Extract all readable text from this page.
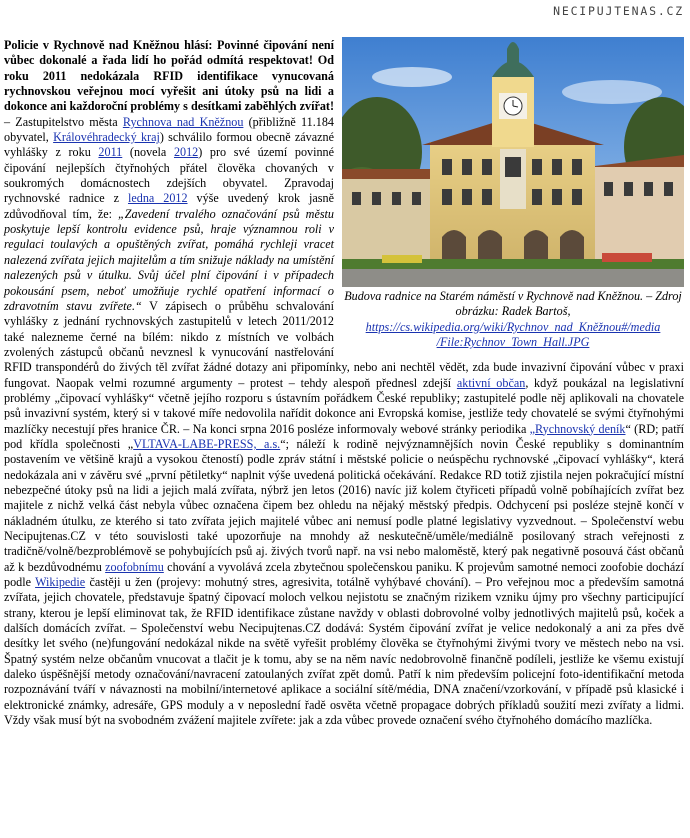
NECIPUJTENAS.CZ

Budova radnice na Starém náměstí v Rychnově nad Kněžnou. – Zdroj obrázku: Radek Bartoš, https://cs.wikipedia.org/wiki/Rychnov_nad_Kněžnou#/media
/File:Rychnov_Town_Hall.JPG

Policie v Rychnově nad Kněžnou hlásí: Povinné čipování není vůbec dokonalé a řada lidí ho pořád odmítá respektovat! Od roku 2011 nedokázala RFID identifikace vynucovaná rychnovskou veřejnou mocí vyřešit ani útoky psů na lidi a dokonce ani každoroční problémy s desítkami zaběhlých zvířat! – Zastupitelstvo města Rychnova nad Kněžnou (přibližně 11.184 obyvatel, Královéhradecký kraj) schválilo formou obecně závazné vyhlášky z roku 2011 (novela 2012) pro své území povinné čipování nejlepších čtyřnohých přátel člověka chovaných v soukromých domácnostech zdejších obyvatel. Zpravodaj rychnovské radnice z ledna 2012 výše uvedený krok jasně zdůvodňoval tím, že: „Zavedení trvalého označování psů městu poskytuje lepší kontrolu evidence psů, hraje významnou roli v regulaci toulavých a opuštěných zvířat, pomáhá rychleji vracet nalezená zvířata jejich majitelům a tím snižuje náklady na umístění nalezených psů v útulku. Svůj účel plní čipování i v případech pokousání psem, neboť umožňuje rychlé opatření informací o zdravotním stavu zvířete.“ V zápisech o průběhu schvalování vyhlášky z jednání rychnovských zastupitelů v letech 2011/2012 také nalezneme černé na bílém: nikdo z místních ve volbách zvolených zástupců občanů nevznesl k vynucování nastřelování RFID transpondérů do živých těl zvířat žádné dotazy ani připomínky, nebo ani nechtěl vědět, zda bude invazivní čipování vůbec v praxi fungovat. Naopak velmi rozumné argumenty – protest – tehdy alespoň přednesl zdejší aktivní občan, když poukázal na legislativní problémy „čipovací vyhlášky“ včetně jejího rozporu s ústavním pořádkem České republiky; zastupitelé podle něj aplikovali na chovatele psů invazivní systém, který si v takové míře nedovolila nařídit dokonce ani Evropská komise, jestliže tedy chovatelé se svými čtyřnohými mazlíčky necestují přes hranice ČR. – Na konci srpna 2016 posléze informovaly webové stránky periodika „Rychnovský deník“ (RD; patří pod křídla společnosti „VLTAVA-LABE-PRESS, a.s.“; náleží k rodině nejvýznamnějších novin České republiky s dominantním postavením ve většině krajů a vysokou čteností) podle zpráv státní i městské policie o neúspěchu rychnovské „čipovací vyhlášky“, která nedokázala ani v závěru své „první pětiletky“ naplnit výše uvedená politická očekávání. Redakce RD totiž zjistila nejen pokračující místní nebezpečné útoky psů na lidi a jejich malá zvířata, nýbrž jen letos (2016) navíc již kolem čtyřiceti případů volně pobíhajících zvířat bez majitele z nichž velká část nebyla vůbec označena čipem bez ohledu na nějaký městský předpis. Odchycení psi posléze stejně končí v nákladném útulku, ze kterého si tato zvířata jejich majitelé vůbec ani nemusí podle platné legislativy vyzvednout. – Společenství webu Necipujtenas.CZ v této souvislosti také upozorňuje na mnohdy až neskutečně/uměle/mediálně posilovaný strach veřejnosti z tradičně/volně/bezproblémově se pohybujících psů aj. živých tvorů např. na vsi nebo maloměstě, který pak negativně posouvá část občanů až k bezdůvodnému zoofobnímu chování a vyvolává zcela zbytečnou společenskou paniku. K projevům samotné nemoci zoofobie dochází podle Wikipedie častěji u žen (projevy: mohutný stres, agresivita, totálně vyhýbavé chování). – Pro veřejnou moc a především samotná zvířata, jejich chovatele, představuje špatný čipovací moloch velkou nejistotu se značným rizikem vzniku újmy pro všechny participující strany, kterou je lepší eliminovat tak, že RFID identifikace zůstane navždy v oblasti dobrovolné volby jednotlivých majitelů psů, koček a dalších domácích zvířat. – Společenství webu Necipujtenas.CZ dodává: Systém čipování zvířat je velice nedokonalý a ani za přes dvě desítky let svého (ne)fungování nedokázal nikde na světě vyřešit problémy člověka se čtyřnohými živými tvory ve městech nebo na vsi. Špatný systém nelze občanům vnucovat a tlačit je k tomu, aby se na něm navíc nedobrovolně finančně podíleli, jestliže ke všemu existují daleko úspěšnější metody označování/navracení zatoulaných zvířat zpět domů. Patří k nim především policejní foto-identifikační metoda rozpoznávání tváří v návaznosti na mobilní/internetové aplikace a sociální sítě/média, DNA značení/vzorkování, v případě psů klasické i elektronické známky, adresáře, GPS moduly a v neposlední řadě osvěta včetně propagace dobrých příkladů soužití mezi zvířaty a lidmi. Vždy však musí být na svobodném zvážení majitele zvířete: jak a zda vůbec provede označení svého čtyřnohého domácího mazlíčka.
